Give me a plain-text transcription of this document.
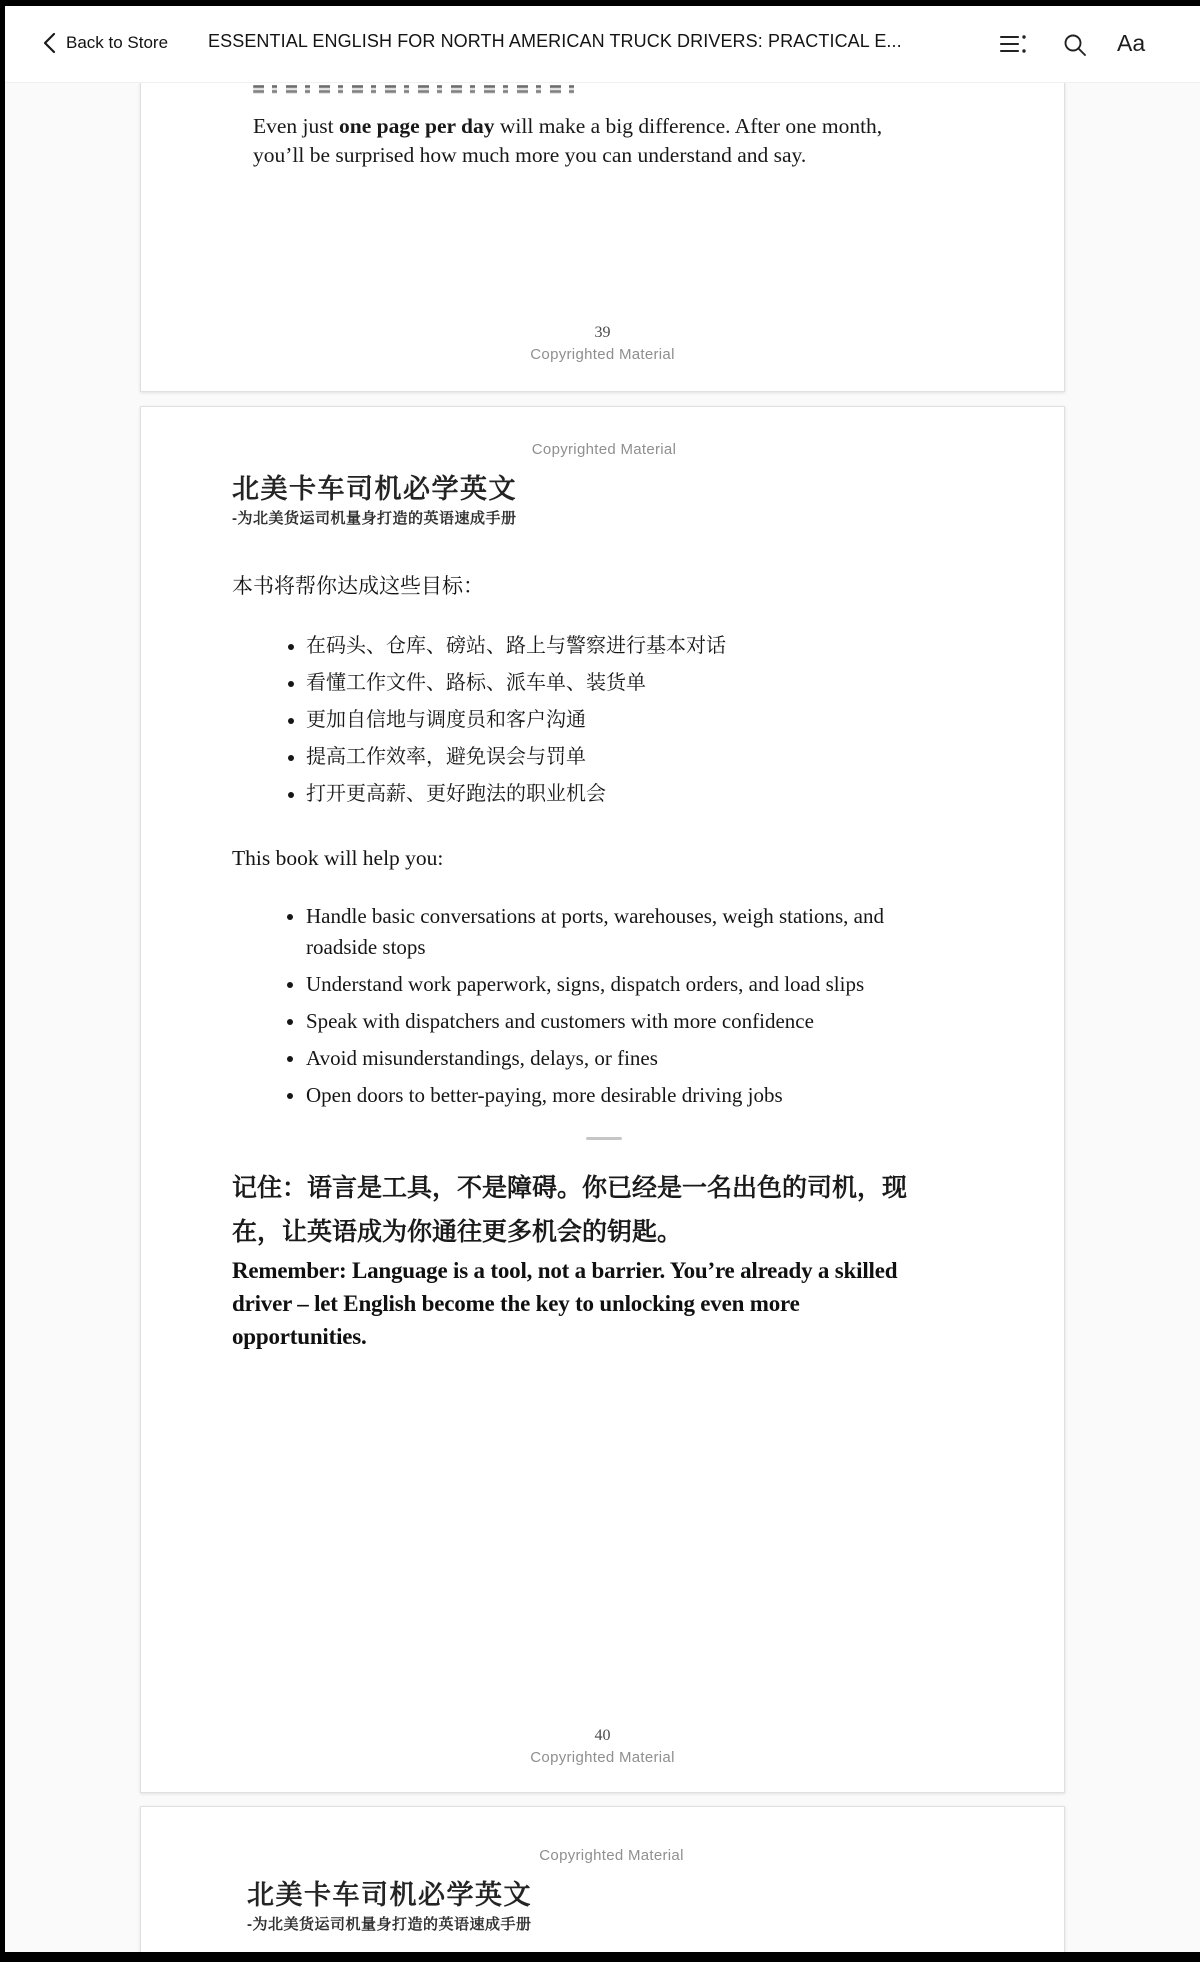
Back to Store ESSENTIAL ENGLISH FOR NORTH AMERICAN TRUCK DRIVERS: PRACTICAL E...	Aa
Even just one page per day will make a big difference. After one month, you’ll be surprised how much more you can understand and say.
39
Copyrighted Material
Copyrighted Material
北美卡车司机必学英文
-为北美货运司机量身打造的英语速成手册
本书将帮你达成这些目标：
• 在码头、仓库、磅站、路上与警察进行基本对话
• 看懂工作文件、路标、派车单、装货单
• 更加自信地与调度员和客户沟通
• 提高工作效率，避免误会与罚单
• 打开更高薪、更好跑法的职业机会
This book will help you:
• Handle basic conversations at ports, warehouses, weigh stations, and roadside stops
• Understand work paperwork, signs, dispatch orders, and load slips
• Speak with dispatchers and customers with more confidence
• Avoid misunderstandings, delays, or fines
• Open doors to better-paying, more desirable driving jobs
记住：语言是工具，不是障碍。你已经是一名出色的司机，现在，让英语成为你通往更多机会的钥匙。
Remember: Language is a tool, not a barrier. You’re already a skilled driver – let English become the key to unlocking even more opportunities.
40
Copyrighted Material
Copyrighted Material
北美卡车司机必学英文
-为北美货运司机量身打造的英语速成手册
